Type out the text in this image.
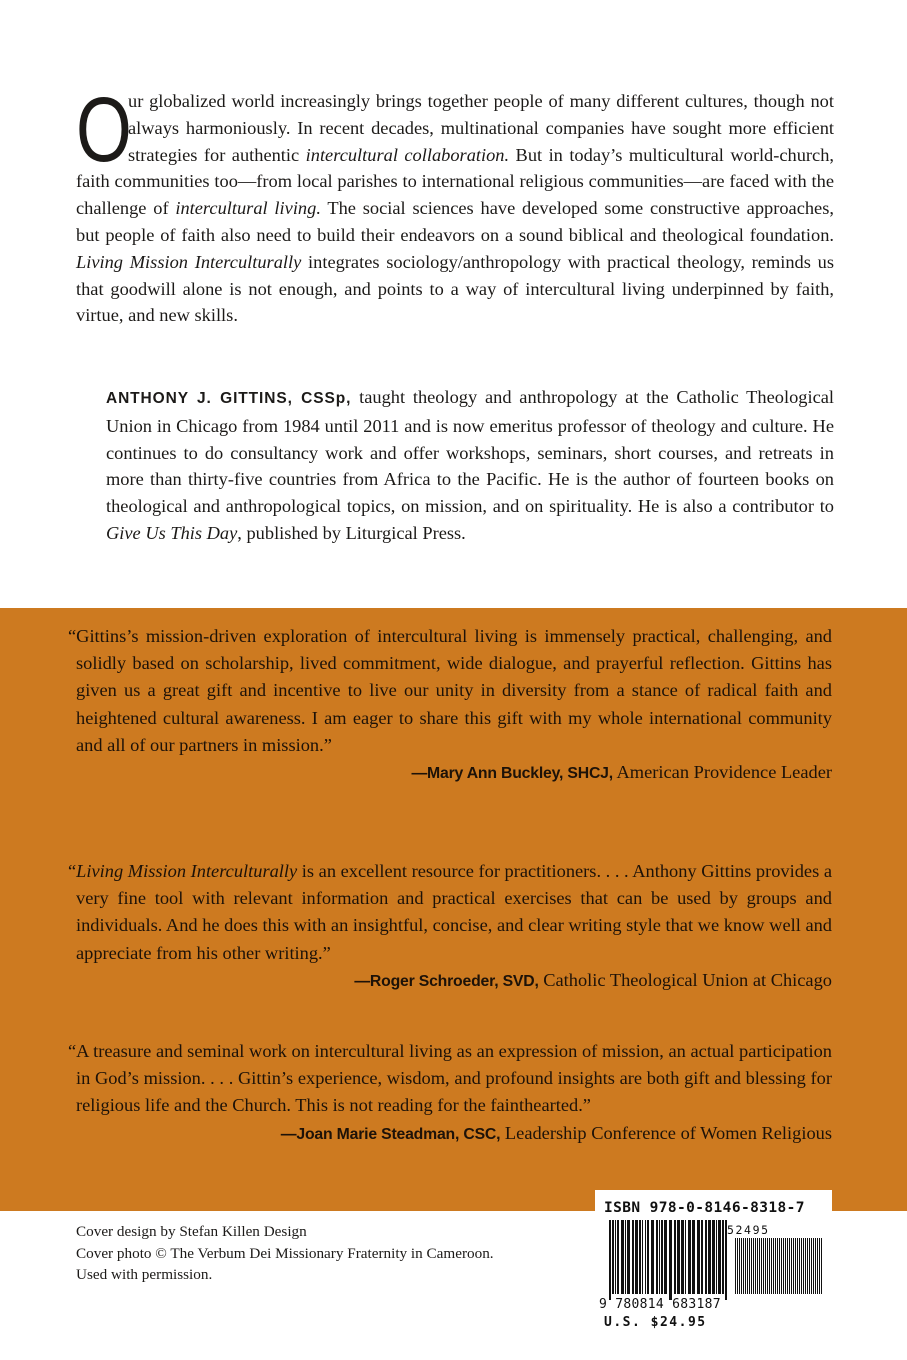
O
ur globalized world increasingly brings together people of many different cultures, though not always harmoniously. In recent decades, multinational companies have sought more efficient strategies for authentic intercultural collaboration. But in today’s multicultural world-church, faith communities too—from local parishes to international religious communities—are faced with the challenge of intercultural living. The social sciences have developed some constructive approaches, but people of faith also need to build their endeavors on a sound biblical and theological foundation. Living Mission Interculturally integrates sociology/anthropology with practical theology, reminds us that goodwill alone is not enough, and points to a way of intercultural living underpinned by faith, virtue, and new skills.

ANTHONY J. GITTINS, CSSp, taught theology and anthropology at the Catholic Theological Union in Chicago from 1984 until 2011 and is now emeritus professor of theology and culture. He continues to do consultancy work and offer workshops, seminars, short courses, and retreats in more than thirty-five countries from Africa to the Pacific. He is the author of fourteen books on theological and anthropological topics, on mission, and on spirituality. He is also a contributor to Give Us This Day, published by Liturgical Press.

“Gittins’s mission-driven exploration of intercultural living is immensely practical, challenging, and solidly based on scholarship, lived commitment, wide dialogue, and prayerful reflection. Gittins has given us a great gift and incentive to live our unity in diversity from a stance of radical faith and heightened cultural awareness. I am eager to share this gift with my whole international community and all of our partners in mission.”
—Mary Ann Buckley, SHCJ, American Providence Leader
“Living Mission Interculturally is an excellent resource for practitioners. . . . Anthony Gittins provides a very fine tool with relevant information and practical exercises that can be used by groups and individuals. And he does this with an insightful, concise, and clear writing style that we know well and appreciate from his other writing.”
—Roger Schroeder, SVD, Catholic Theological Union at Chicago
“A treasure and seminal work on intercultural living as an expression of mission, an actual participation in God’s mission. . . . Gittin’s experience, wisdom, and profound insights are both gift and blessing for religious life and the Church. This is not reading for the fainthearted.”
—Joan Marie Steadman, CSC, Leadership Conference of Women Religious
Cover design by Stefan Killen Design
Cover photo © The Verbum Dei Missionary Fraternity in Cameroon.
Used with permission.
ISBN 978-0-8146-8318-7
52495
9 780814 683187
U.S. $24.95
